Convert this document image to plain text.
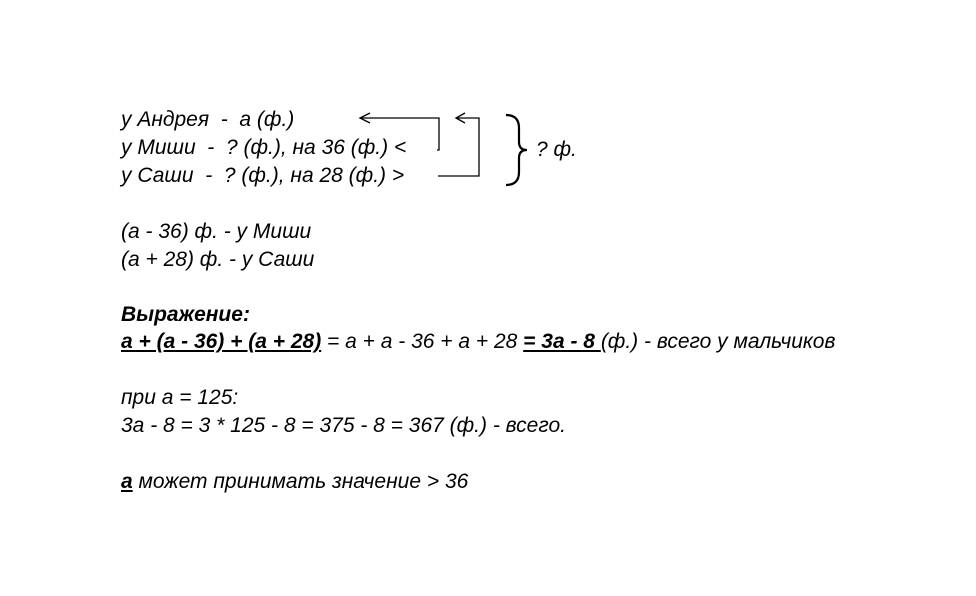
у Андрея  -  а (ф.)
у Миши  -  ? (ф.), на 36 (ф.) <
у Саши  -  ? (ф.), на 28 (ф.) >
? ф.
(а - 36) ф. - у Миши
(а + 28) ф. - у Саши
Выражение:
а + (а - 36) + (а + 28) = а + а - 36 + а + 28 = 3а - 8 (ф.) - всего у мальчиков
при а = 125:
3а - 8 = 3 * 125 - 8 = 375 - 8 = 367 (ф.) - всего.
а может принимать значение > 36
